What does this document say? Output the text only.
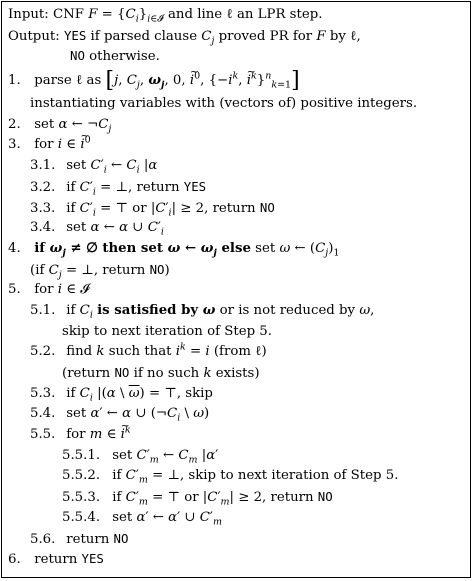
Input: CNF $F = \{C_i\}_{i\in 𝓘}$ and line ℓ an LPR step.
Output: YES if parsed clause $C_j$ proved PR for F by ℓ,
NO otherwise.
1. parse ℓ as [j, $C_j$, $\omega_j$, 0, ~ $i^0$, {$-i^k$, ~ $i^k\}^n_{k=1}$]
instantiating variables with (vectors of) positive integers.
2. set α ← $\neg C_j$
3. for i ∈ ~ $i^0$
3.1. set $C'_i$ ← $C_i$ |α
3.2. if $C'_i$ = ⊥, return YES
3.3. if $C'_i$ = ⊤ or $|C'_i| \ge 2$, return NO
3.4. set α ← α ∪ $C'_i$
4. if $\omega_j$ ≠ ∅ then set ω ← $\omega_j$ else set ω ← $(C_j)_1$
(if $C_j$ = ⊥, return NO)
5. for i ∈ 𝓘
5.1. if $C_i$ is satisfied by ω or is not reduced by ω,
skip to next iteration of Step 5.
5.2. find k such that $i^k = i$ (from ℓ)
(return NO if no such k exists)
5.3. if $C_i$ |(α \ $\overline{\omega}$) = ⊤, skip
5.4. set α′ ← α ∪ ($\neg C_i$ \ ω)
5.5. for m ∈ ~ $i^k$
5.5.1. set $C'_m$ ← $C_m$ |α′
5.5.2. if $C'_m$ = ⊥, skip to next iteration of Step 5.
5.5.3. if $C'_m$ = ⊤ or $|C'_m| \ge 2$, return NO
5.5.4. set α′ ← α′ ∪ $C'_m$
5.6. return NO
6. return YES
